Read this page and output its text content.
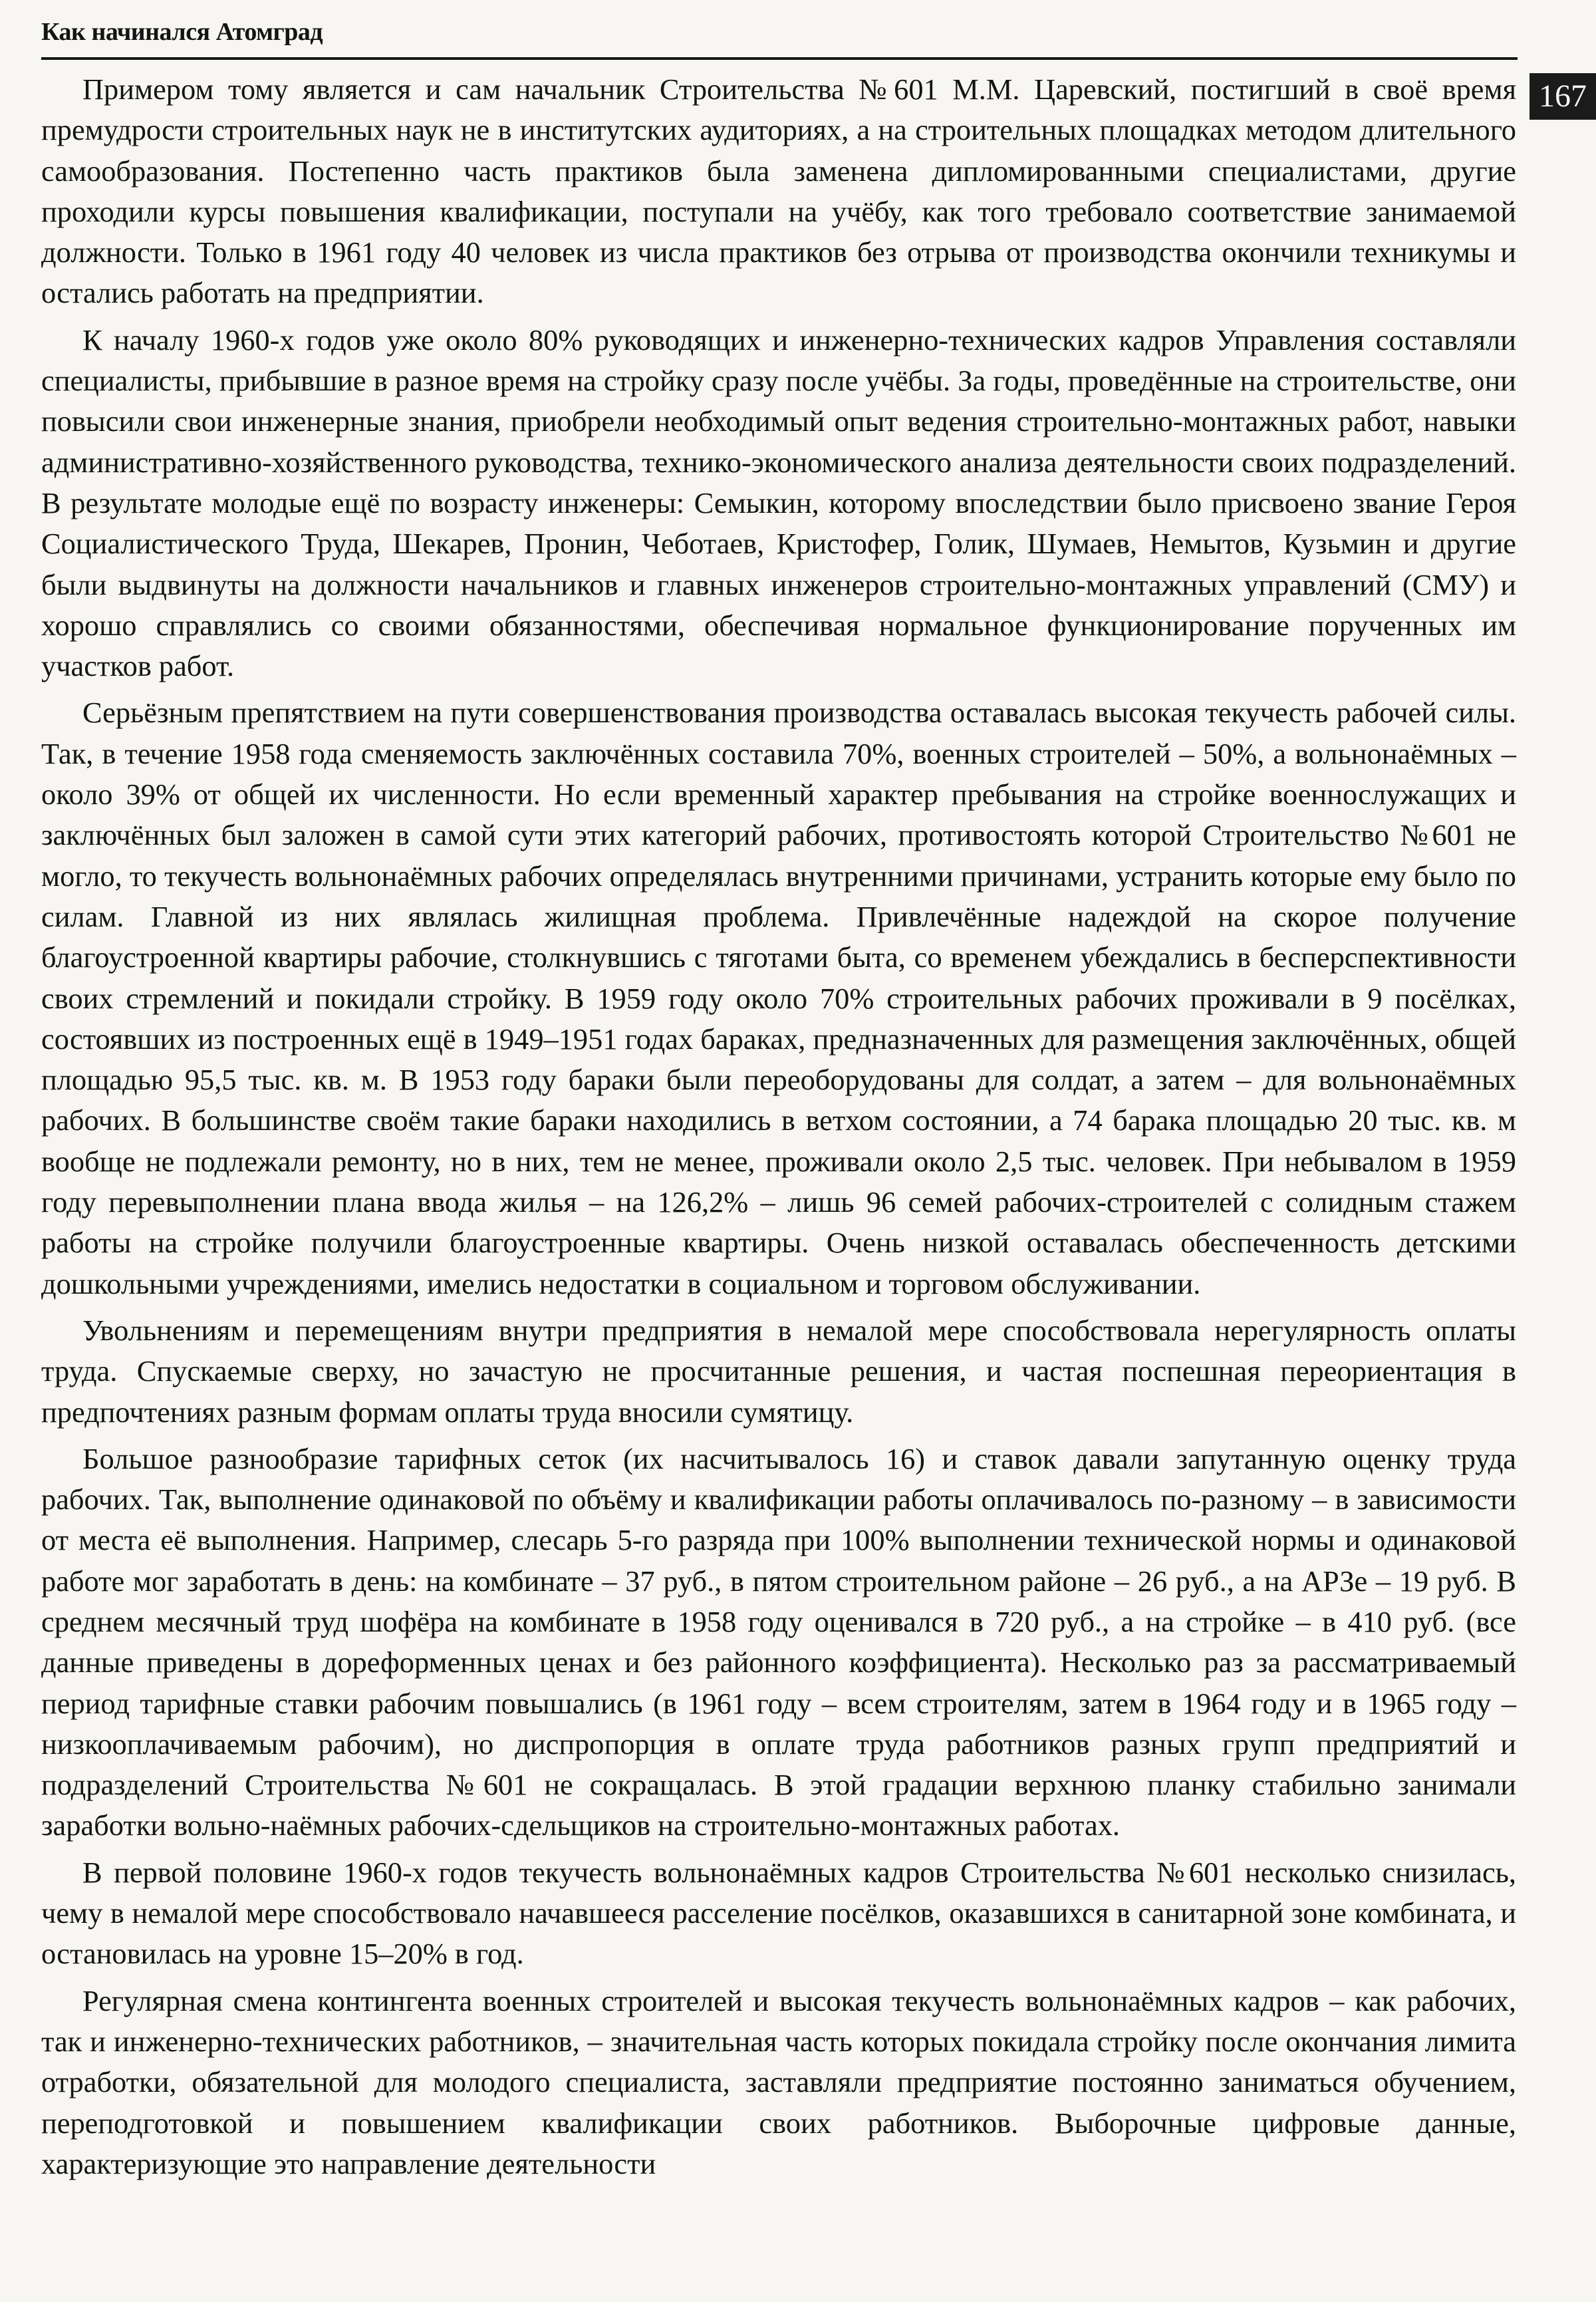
Как начинался Атомград
167

Примером тому является и сам начальник Строительства №601 М.М. Царевский, постигший в своё время премудрости строительных наук не в институтских аудиториях, а на строительных площадках методом длительного самообразования. Постепенно часть практиков была заменена дипломированными специалистами, другие проходили курсы повышения квалификации, поступали на учёбу, как того требовало соответствие занимаемой должности. Только в 1961 году 40 человек из числа практиков без отрыва от производства окончили техникумы и остались работать на предприятии.

К началу 1960-х годов уже около 80% руководящих и инженерно-технических кадров Управления составляли специалисты, прибывшие в разное время на стройку сразу после учёбы. За годы, проведённые на строительстве, они повысили свои инженерные знания, приобрели необходимый опыт ведения строительно-монтажных работ, навыки административно-хозяйственного руководства, технико-экономического анализа деятельности своих подразделений. В результате молодые ещё по возрасту инженеры: Семыкин, которому впоследствии было присвоено звание Героя Социалистического Труда, Шекарев, Пронин, Чеботаев, Кристофер, Голик, Шумаев, Немытов, Кузьмин и другие были выдвинуты на должности начальников и главных инженеров строительно-монтажных управлений (СМУ) и хорошо справлялись со своими обязанностями, обеспечивая нормальное функционирование порученных им участков работ.

Серьёзным препятствием на пути совершенствования производства оставалась высокая текучесть рабочей силы. Так, в течение 1958 года сменяемость заключённых составила 70%, военных строителей – 50%, а вольнонаёмных – около 39% от общей их численности. Но если временный характер пребывания на стройке военнослужащих и заключённых был заложен в самой сути этих категорий рабочих, противостоять которой Строительство №601 не могло, то текучесть вольнонаёмных рабочих определялась внутренними причинами, устранить которые ему было по силам. Главной из них являлась жилищная проблема. Привлечённые надеждой на скорое получение благоустроенной квартиры рабочие, столкнувшись с тяготами быта, со временем убеждались в бесперспективности своих стремлений и покидали стройку. В 1959 году около 70% строительных рабочих проживали в 9 посёлках, состоявших из построенных ещё в 1949–1951 годах бараках, предназначенных для размещения заключённых, общей площадью 95,5 тыс. кв. м. В 1953 году бараки были переоборудованы для солдат, а затем – для вольнонаёмных рабочих. В большинстве своём такие бараки находились в ветхом состоянии, а 74 барака площадью 20 тыс. кв. м вообще не подлежали ремонту, но в них, тем не менее, проживали около 2,5 тыс. человек. При небывалом в 1959 году перевыполнении плана ввода жилья – на 126,2% – лишь 96 семей рабочих-строителей с солидным стажем работы на стройке получили благоустроенные квартиры. Очень низкой оставалась обеспеченность детскими дошкольными учреждениями, имелись недостатки в социальном и торговом обслуживании.

Увольнениям и перемещениям внутри предприятия в немалой мере способствовала нерегулярность оплаты труда. Спускаемые сверху, но зачастую не просчитанные решения, и частая поспешная переориентация в предпочтениях разным формам оплаты труда вносили сумятицу.

Большое разнообразие тарифных сеток (их насчитывалось 16) и ставок давали запутанную оценку труда рабочих. Так, выполнение одинаковой по объёму и квалификации работы оплачивалось по-разному – в зависимости от места её выполнения. Например, слесарь 5-го разряда при 100% выполнении технической нормы и одинаковой работе мог заработать в день: на комбинате – 37 руб., в пятом строительном районе – 26 руб., а на АРЗе – 19 руб. В среднем месячный труд шофёра на комбинате в 1958 году оценивался в 720 руб., а на стройке – в 410 руб. (все данные приведены в дореформенных ценах и без районного коэффициента). Несколько раз за рассматриваемый период тарифные ставки рабочим повышались (в 1961 году – всем строителям, затем в 1964 году и в 1965 году – низкооплачиваемым рабочим), но диспропорция в оплате труда работников разных групп предприятий и подразделений Строительства №601 не сокращалась. В этой градации верхнюю планку стабильно занимали заработки вольно-наёмных рабочих-сдельщиков на строительно-монтажных работах.

В первой половине 1960-х годов текучесть вольнонаёмных кадров Строительства №601 несколько снизилась, чему в немалой мере способствовало начавшееся расселение посёлков, оказавшихся в санитарной зоне комбината, и остановилась на уровне 15–20% в год.

Регулярная смена контингента военных строителей и высокая текучесть вольнонаёмных кадров – как рабочих, так и инженерно-технических работников, – значительная часть которых покидала стройку после окончания лимита отработки, обязательной для молодого специалиста, заставляли предприятие постоянно заниматься обучением, переподготовкой и повышением квалификации своих работников. Выборочные цифровые данные, характеризующие это направление деятельности
